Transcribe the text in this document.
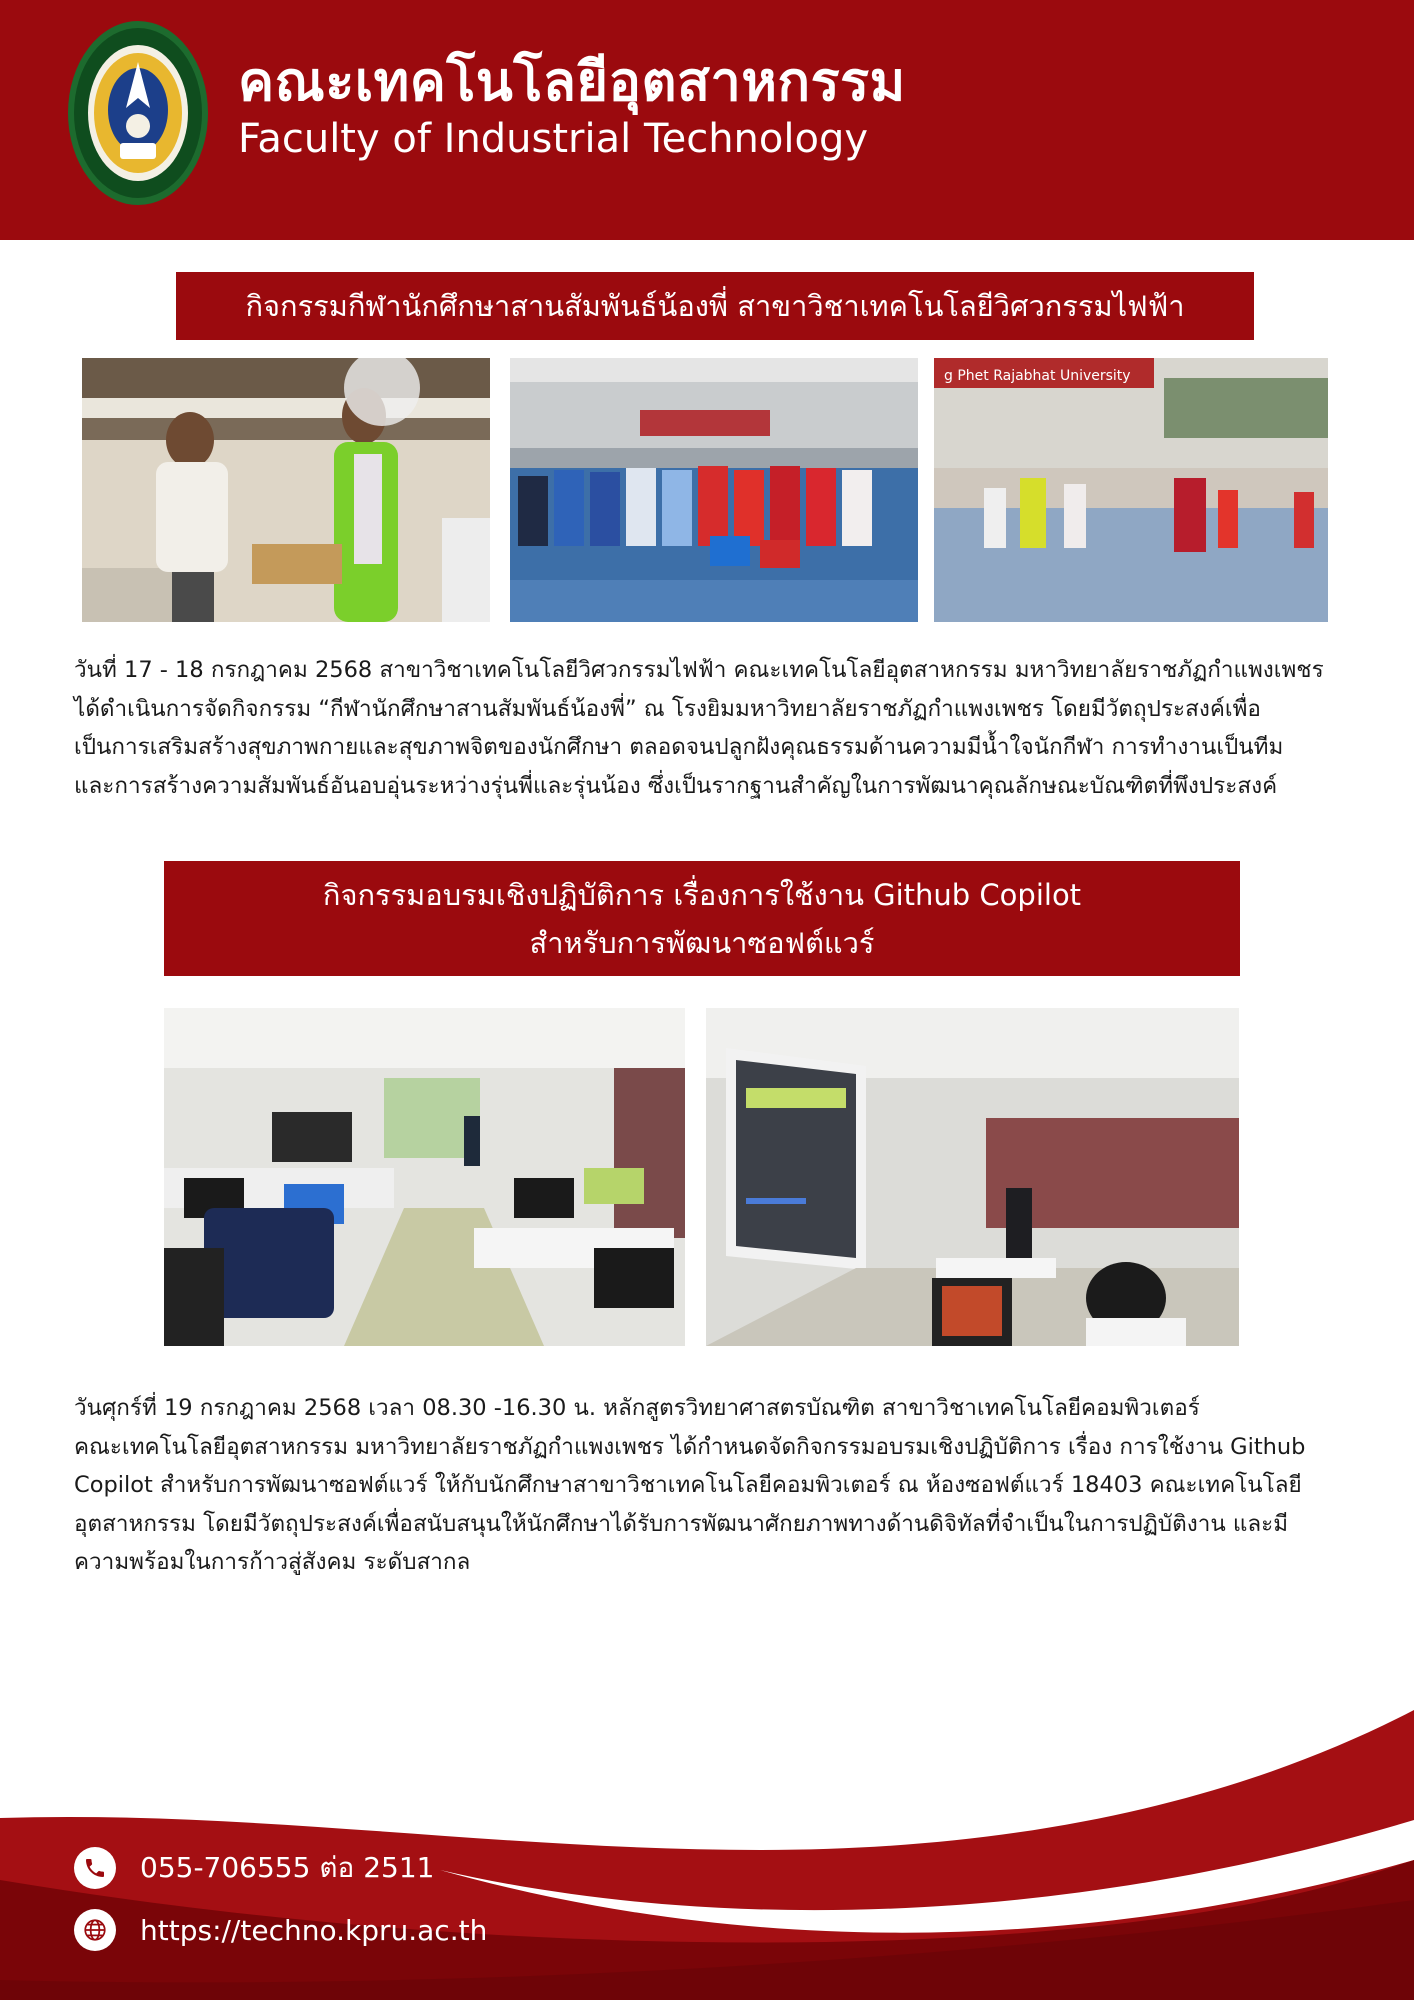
คณะเทคโนโลยีอุตสาหกรรม
Faculty of Industrial Technology
กิจกรรมกีฬานักศึกษาสานสัมพันธ์น้องพี่ สาขาวิชาเทคโนโลยีวิศวกรรมไฟฟ้า
g Phet Rajabhat University

วันที่ 17 - 18 กรกฎาคม 2568 สาขาวิชาเทคโนโลยีวิศวกรรมไฟฟ้า คณะเทคโนโลยีอุตสาหกรรม มหาวิทยาลัยราชภัฏกำแพงเพชร

ได้ดำเนินการจัดกิจกรรม “กีฬานักศึกษาสานสัมพันธ์น้องพี่” ณ โรงยิมมหาวิทยาลัยราชภัฏกำแพงเพชร โดยมีวัตถุประสงค์เพื่อ

เป็นการเสริมสร้างสุขภาพกายและสุขภาพจิตของนักศึกษา ตลอดจนปลูกฝังคุณธรรมด้านความมีน้ำใจนักกีฬา การทำงานเป็นทีม

และการสร้างความสัมพันธ์อันอบอุ่นระหว่างรุ่นพี่และรุ่นน้อง ซึ่งเป็นรากฐานสำคัญในการพัฒนาคุณลักษณะบัณฑิตที่พึงประสงค์

กิจกรรมอบรมเชิงปฏิบัติการ เรื่องการใช้งาน Github Copilot
สำหรับการพัฒนาซอฟต์แวร์

วันศุกร์ที่ 19 กรกฎาคม 2568 เวลา 08.30 -16.30 น. หลักสูตรวิทยาศาสตรบัณฑิต สาขาวิชาเทคโนโลยีคอมพิวเตอร์

คณะเทคโนโลยีอุตสาหกรรม มหาวิทยาลัยราชภัฏกำแพงเพชร ได้กำหนดจัดกิจกรรมอบรมเชิงปฏิบัติการ เรื่อง การใช้งาน Github

Copilot สำหรับการพัฒนาซอฟต์แวร์ ให้กับนักศึกษาสาขาวิชาเทคโนโลยีคอมพิวเตอร์ ณ ห้องซอฟต์แวร์ 18403 คณะเทคโนโลยี

อุตสาหกรรม โดยมีวัตถุประสงค์เพื่อสนับสนุนให้นักศึกษาได้รับการพัฒนาศักยภาพทางด้านดิจิทัลที่จำเป็นในการปฏิบัติงาน และมี

ความพร้อมในการก้าวสู่สังคม ระดับสากล

055-706555 ต่อ 2511
https://techno.kpru.ac.th
